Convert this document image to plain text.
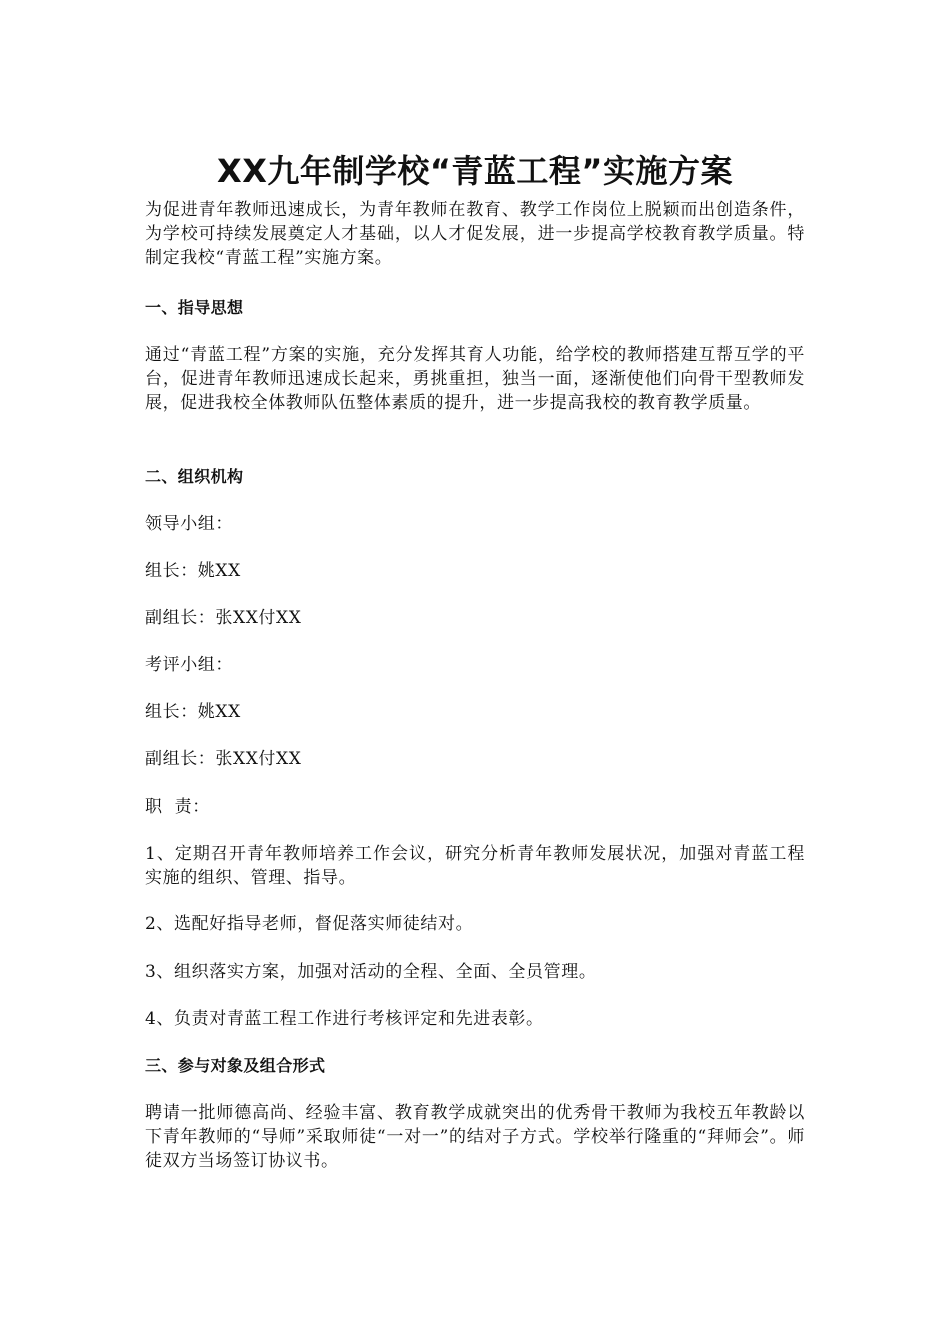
XX九年制学校“青蓝工程”实施方案

为促进青年教师迅速成长，为青年教师在教育、教学工作岗位上脱颖而出创造条件，为学校可持续发展奠定人才基础，以人才促发展，进一步提高学校教育教学质量。特制定我校“青蓝工程”实施方案。

一、指导思想

通过“青蓝工程”方案的实施，充分发挥其育人功能，给学校的教师搭建互帮互学的平台，促进青年教师迅速成长起来，勇挑重担，独当一面，逐渐使他们向骨干型教师发展，促进我校全体教师队伍整体素质的提升，进一步提高我校的教育教学质量。

二、组织机构

领导小组：

组长：姚XX

副组长：张XX付XX

考评小组：

组长：姚XX

副组长：张XX付XX

职  责：

1、定期召开青年教师培养工作会议，研究分析青年教师发展状况，加强对青蓝工程实施的组织、管理、指导。

2、选配好指导老师，督促落实师徒结对。

3、组织落实方案，加强对活动的全程、全面、全员管理。

4、负责对青蓝工程工作进行考核评定和先进表彰。

三、参与对象及组合形式

聘请一批师德高尚、经验丰富、教育教学成就突出的优秀骨干教师为我校五年教龄以下青年教师的“导师”采取师徒“一对一”的结对子方式。学校举行隆重的“拜师会”。师徒双方当场签订协议书。
